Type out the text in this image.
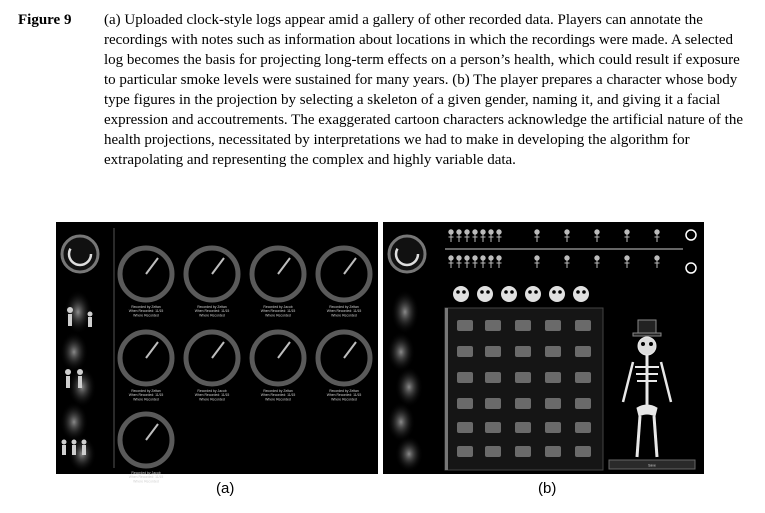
Figure 9 (a) Uploaded clock-style logs appear amid a gallery of other recorded data. Players can annotate the recordings with notes such as information about locations in which the recordings were made. A selected log becomes the basis for projecting long-term effects on a person’s health, which could result if exposure to particular smoke levels were sustained for many years. (b) The player prepares a character whose body type figures in the projection by selecting a skeleton of a given gender, naming it, and giving it a facial expression and accoutrements. The exaggerated cartoon characters acknowledge the artificial nature of the health projections, necessitated by interpretations we had to make in developing the algorithm for extrapolating and representing the complex and highly variable data.
Recorded by Zeltan
When Recorded: 11/15
Where Recorded
Recorded by Zeltan
When Recorded: 11/15
Where Recorded
Recorded by Jacob
When Recorded: 11/15
Where Recorded
Recorded by Zeltan
When Recorded: 11/15
Where Recorded
Recorded by Zeltan
When Recorded: 11/15
Where Recorded
Recorded by Jacob
When Recorded: 11/15
Where Recorded
Recorded by Zeltan
When Recorded: 11/15
Where Recorded
Recorded by Zeltan
When Recorded: 11/15
Where Recorded
Recorded by Jacob
When Recorded: 11/15
Where Recorded
Save
(a)	(b)
